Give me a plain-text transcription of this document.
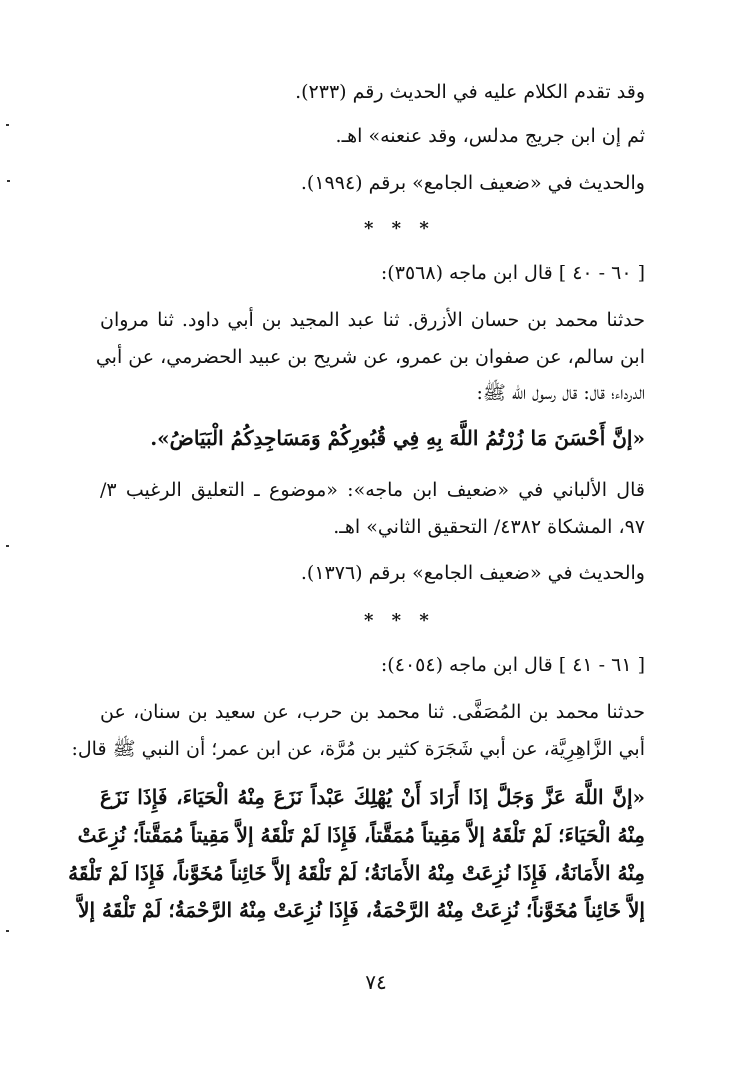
وقد تقدم الكلام عليه في الحديث رقم (٢٣٣).

ثم إن ابن جريج مدلس، وقد عنعنه» اهـ.

والحديث في «ضعيف الجامع» برقم (١٩٩٤).

* * *

[ ٦٠ - ٤٠ ] قال ابن ماجه (٣٥٦٨):

حدثنا محمد بن حسان الأزرق. ثنا عبد المجيد بن أبي داود. ثنا مروان

ابن سالم، عن صفوان بن عمرو، عن شريح بن عبيد الحضرمي، عن أبي

الدرداء؛ قال: قال رسول الله ﷺ:

«إنَّ أَحْسَنَ مَا زُرْتُمُ اللَّهَ بِهِ فِي قُبُورِكُمْ وَمَسَاجِدِكُمُ الْبَيَاضُ».

قال الألباني في «ضعيف ابن ماجه»: «موضوع ـ التعليق الرغيب ٣/

٩٧، المشكاة ٤٣٨٢/ التحقيق الثاني» اهـ.

والحديث في «ضعيف الجامع» برقم (١٣٧٦).

* * *

[ ٦١ - ٤١ ] قال ابن ماجه (٤٠٥٤):

حدثنا محمد بن المُصَفَّى. ثنا محمد بن حرب، عن سعيد بن سنان، عن

أبي الزَّاهِرِيَّة، عن أبي شَجَرَة كثير بن مُرَّة، عن ابن عمر؛ أن النبي ﷺ قال:

«إنَّ اللَّهَ عَزَّ وَجَلَّ إذَا أَرَادَ أَنْ يُهْلِكَ عَبْداً نَزَعَ مِنْهُ الْحَيَاءَ، فَإِذَا نَزَعَ

مِنْهُ الْحَيَاءَ؛ لَمْ تَلْقَهُ إلاَّ مَقِيتاً مُمَقَّتاً، فَإِذَا لَمْ تَلْقَهُ إلاَّ مَقِيتاً مُمَقَّتاً؛ نُزِعَتْ

مِنْهُ الأَمَانَةُ، فَإِذَا نُزِعَتْ مِنْهُ الأَمَانَةُ؛ لَمْ تَلْقَهُ إلاَّ خَائِناً مُخَوَّناً، فَإِذَا لَمْ تَلْقَهُ

إلاَّ خَائِناً مُخَوَّناً؛ نُزِعَتْ مِنْهُ الرَّحْمَةُ، فَإِذَا نُزِعَتْ مِنْهُ الرَّحْمَةُ؛ لَمْ تَلْقَهُ إلاَّ

٧٤
